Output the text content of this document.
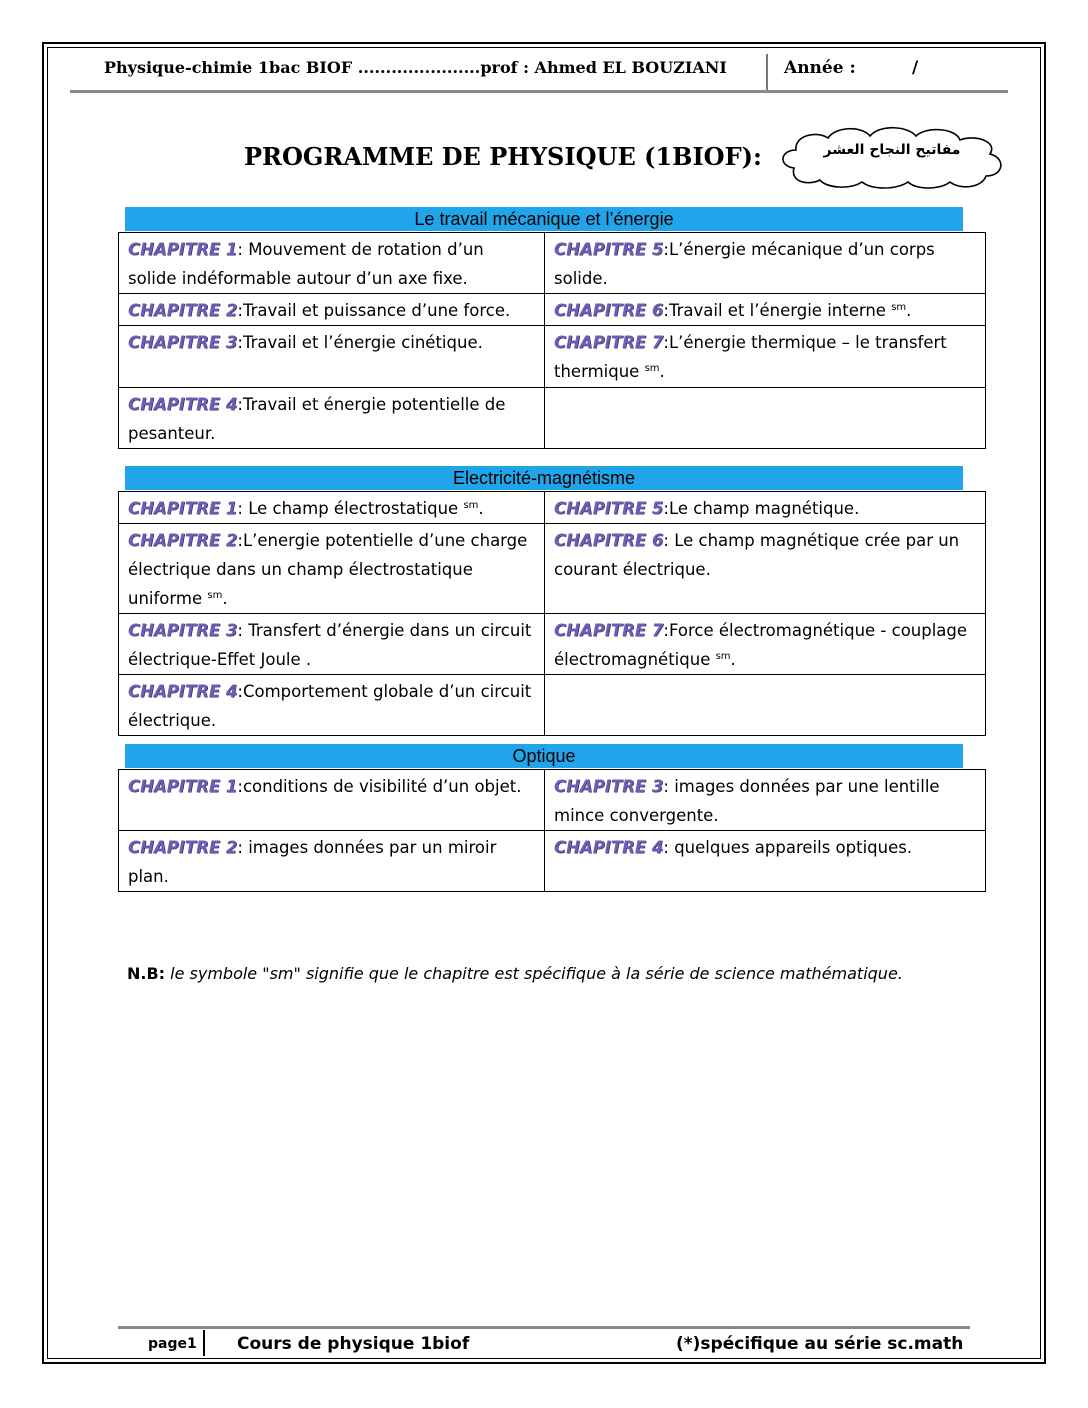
Physique-chimie 1bac BIOF ......................prof : Ahmed EL BOUZIANI	Année :	/
PROGRAMME DE PHYSIQUE (1BIOF):	مفاتيح النجاح العشر
Le travail mécanique et l’énergie
CHAPITRE 1: Mouvement de rotation d’un solide indéformable autour d’un axe fixe.	CHAPITRE 5:L’énergie mécanique d’un corps solide.
CHAPITRE 2:Travail et puissance d’une force.	CHAPITRE 6:Travail et l’énergie interne $^{sm}$.
CHAPITRE 3:Travail et l’énergie cinétique.	CHAPITRE 7:L’énergie thermique – le transfert thermique $^{sm}$.
CHAPITRE 4:Travail et énergie potentielle de pesanteur.	
Electricité-magnétisme
CHAPITRE 1: Le champ électrostatique $^{sm}$.	CHAPITRE 5:Le champ magnétique.
CHAPITRE 2:L’energie potentielle d’une charge électrique dans un champ électrostatique uniforme $^{sm}$.	CHAPITRE 6: Le champ magnétique crée par un courant électrique.
CHAPITRE 3: Transfert d’énergie dans un circuit électrique-Effet Joule .	CHAPITRE 7:Force électromagnétique - couplage électromagnétique $^{sm}$.
CHAPITRE 4:Comportement globale d’un circuit électrique.	
Optique
CHAPITRE 1:conditions de visibilité d’un objet.	CHAPITRE 3: images données par une lentille mince convergente.
CHAPITRE 2: images données par un miroir plan.	CHAPITRE 4: quelques appareils optiques.
N.B: le symbole "sm" signifie que le chapitre est spécifique à la série de science mathématique.
page1 Cours de physique 1biof	(*)spécifique au série sc.math
